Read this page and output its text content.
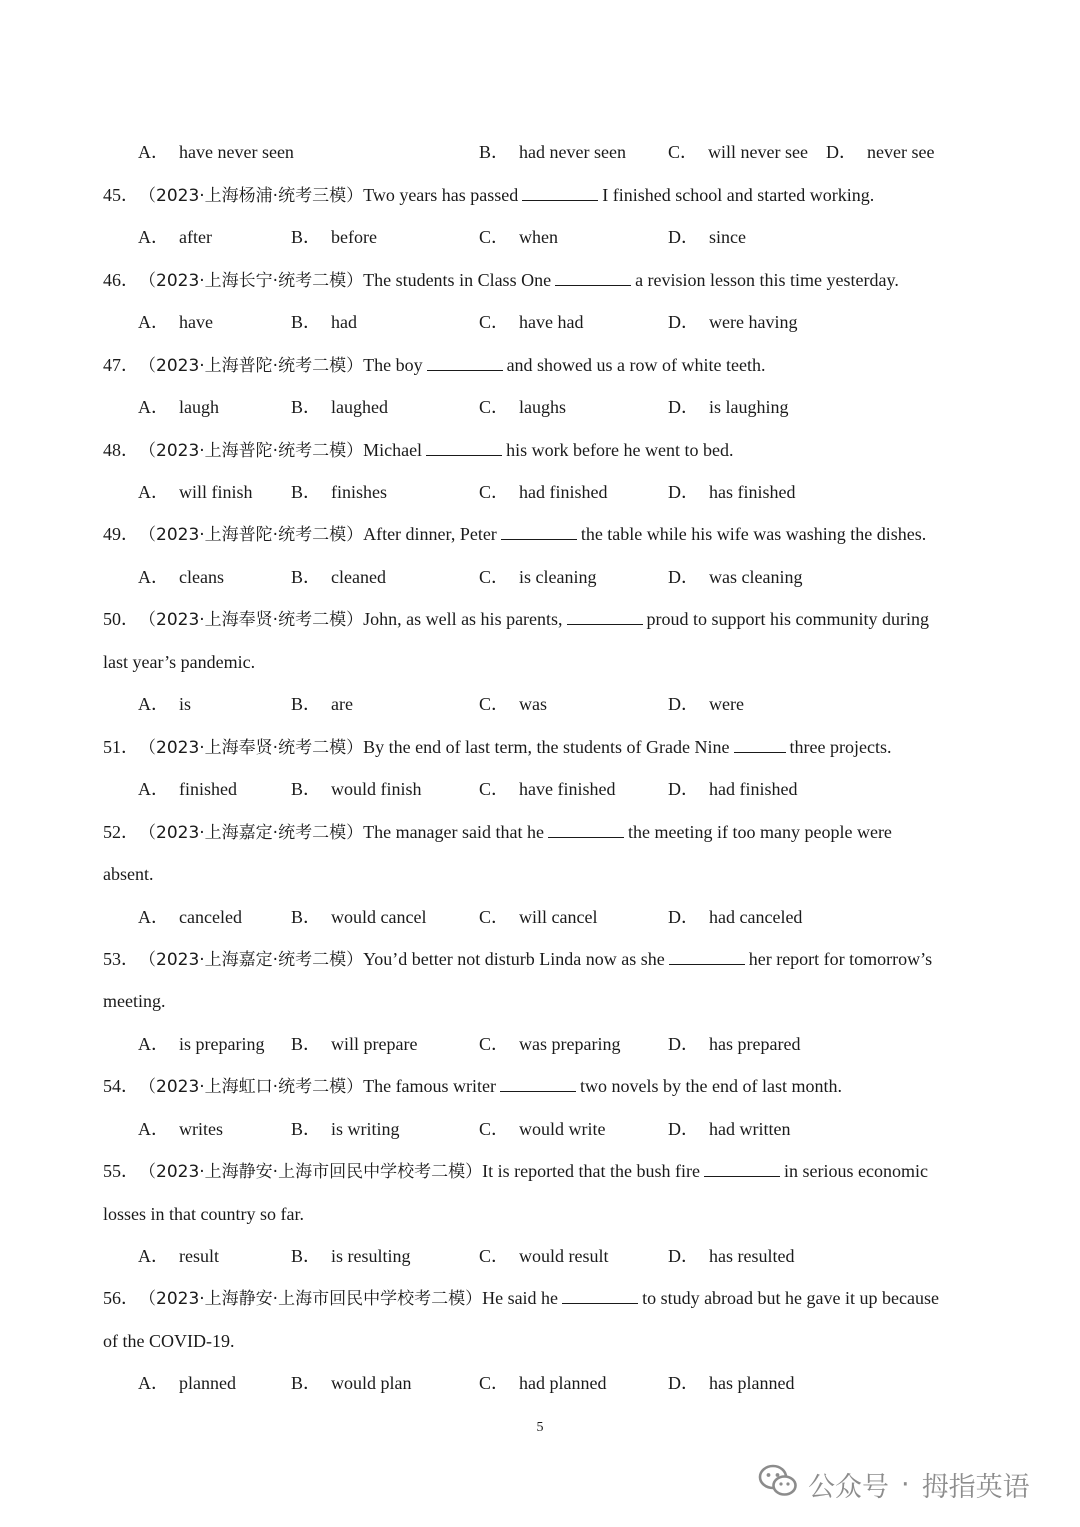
A． have never seen	B． had never seen C． will never see D． never see
45．（2023·上海杨浦·统考三模）Two years has passed	I finished school and started working.
A． after	B． before	C． when	D． since
46．（2023·上海长宁·统考二模）The students in Class One	a revision lesson this time yesterday.
A． have	B． had	C． have had	D． were having
47．（2023·上海普陀·统考二模）The boy	and showed us a row of white teeth.
A． laugh	B． laughed	C． laughs	D． is laughing
48．（2023·上海普陀·统考二模）Michael	his work before he went to bed.
A． will finish B． finishes	C． had finished	D． has finished
49．（2023·上海普陀·统考二模）After dinner, Peter	the table while his wife was washing the dishes.
A． cleans	B． cleaned	C． is cleaning	D． was cleaning
50．（2023·上海奉贤·统考二模）John, as well as his parents,	proud to support his community during
last year’s pandemic.
A． is	B． are	C． was	D． were
51．（2023·上海奉贤·统考二模）By the end of last term, the students of Grade Nine	three projects.
A． finished	B． would finish	C． have finished	D． had finished
52．（2023·上海嘉定·统考二模）The manager said that he	the meeting if too many people were
absent.
A． canceled	B． would cancel	C． will cancel	D． had canceled
53．（2023·上海嘉定·统考二模）You’d better not disturb Linda now as she	her report for tomorrow’s
meeting.
A． is preparing B． will prepare	C． was preparing	D． has prepared
54．（2023·上海虹口·统考二模）The famous writer	two novels by the end of last month.
A． writes	B． is writing	C． would write	D． had written
55．（2023·上海静安·上海市回民中学校考二模）It is reported that the bush fire	in serious economic
losses in that country so far.
A． result	B． is resulting	C． would result	D． has resulted
56．（2023·上海静安·上海市回民中学校考二模）He said he	to study abroad but he gave it up because
of the COVID-19.
A． planned	B． would plan	C． had planned	D． has planned
5
公众号 · 拇指英语
